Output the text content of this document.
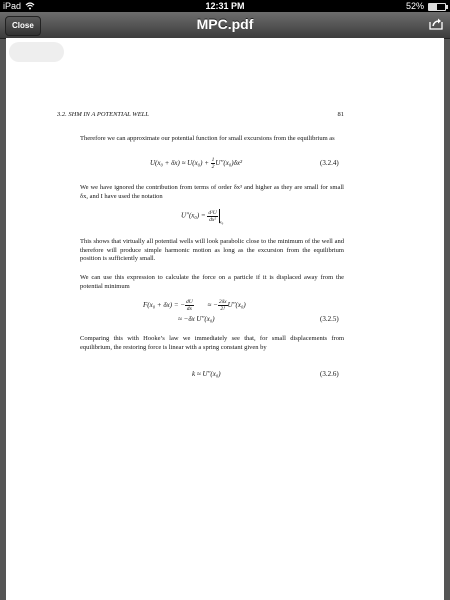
iPad	12:31 PM	52%
Close	MPC.pdf
3.2. SHM IN A POTENTIAL WELL	81
Therefore we can approximate our potential function for small excursions from the equilibrium as
$U(x_0 + \delta x) \approx U(x_0) + \frac{1}{2} U''(x_0)\delta x^2$	(3.2.4)
We we have ignored the contribution from terms of order δx³ and higher as they are small for small δx, and I have used the notation
$U''(x_0) = \frac{\text{d²U}}{\text{dx²}} _{x_0}$
This shows that virtually all potential wells will look parabolic close to the minimum of the well and therefore will produce simple harmonic motion as long as the excursion from the equilibrium position is sufficiently small.
We can use this expression to calculate the force on a particle if it is displaced away from the potential minimum
F(x₀ + δx) = − $\frac{dU}{dx}$ ≈ − $\frac{2\delta x}{2!} U''(x_0)$
≈ −δx U″(x₀)	(3.2.5)
Comparing this with Hooke’s law we immediately see that, for small displacements from equilibrium, the restoring force is linear with a spring constant given by
k ≈ U″(x₀)	(3.2.6)
